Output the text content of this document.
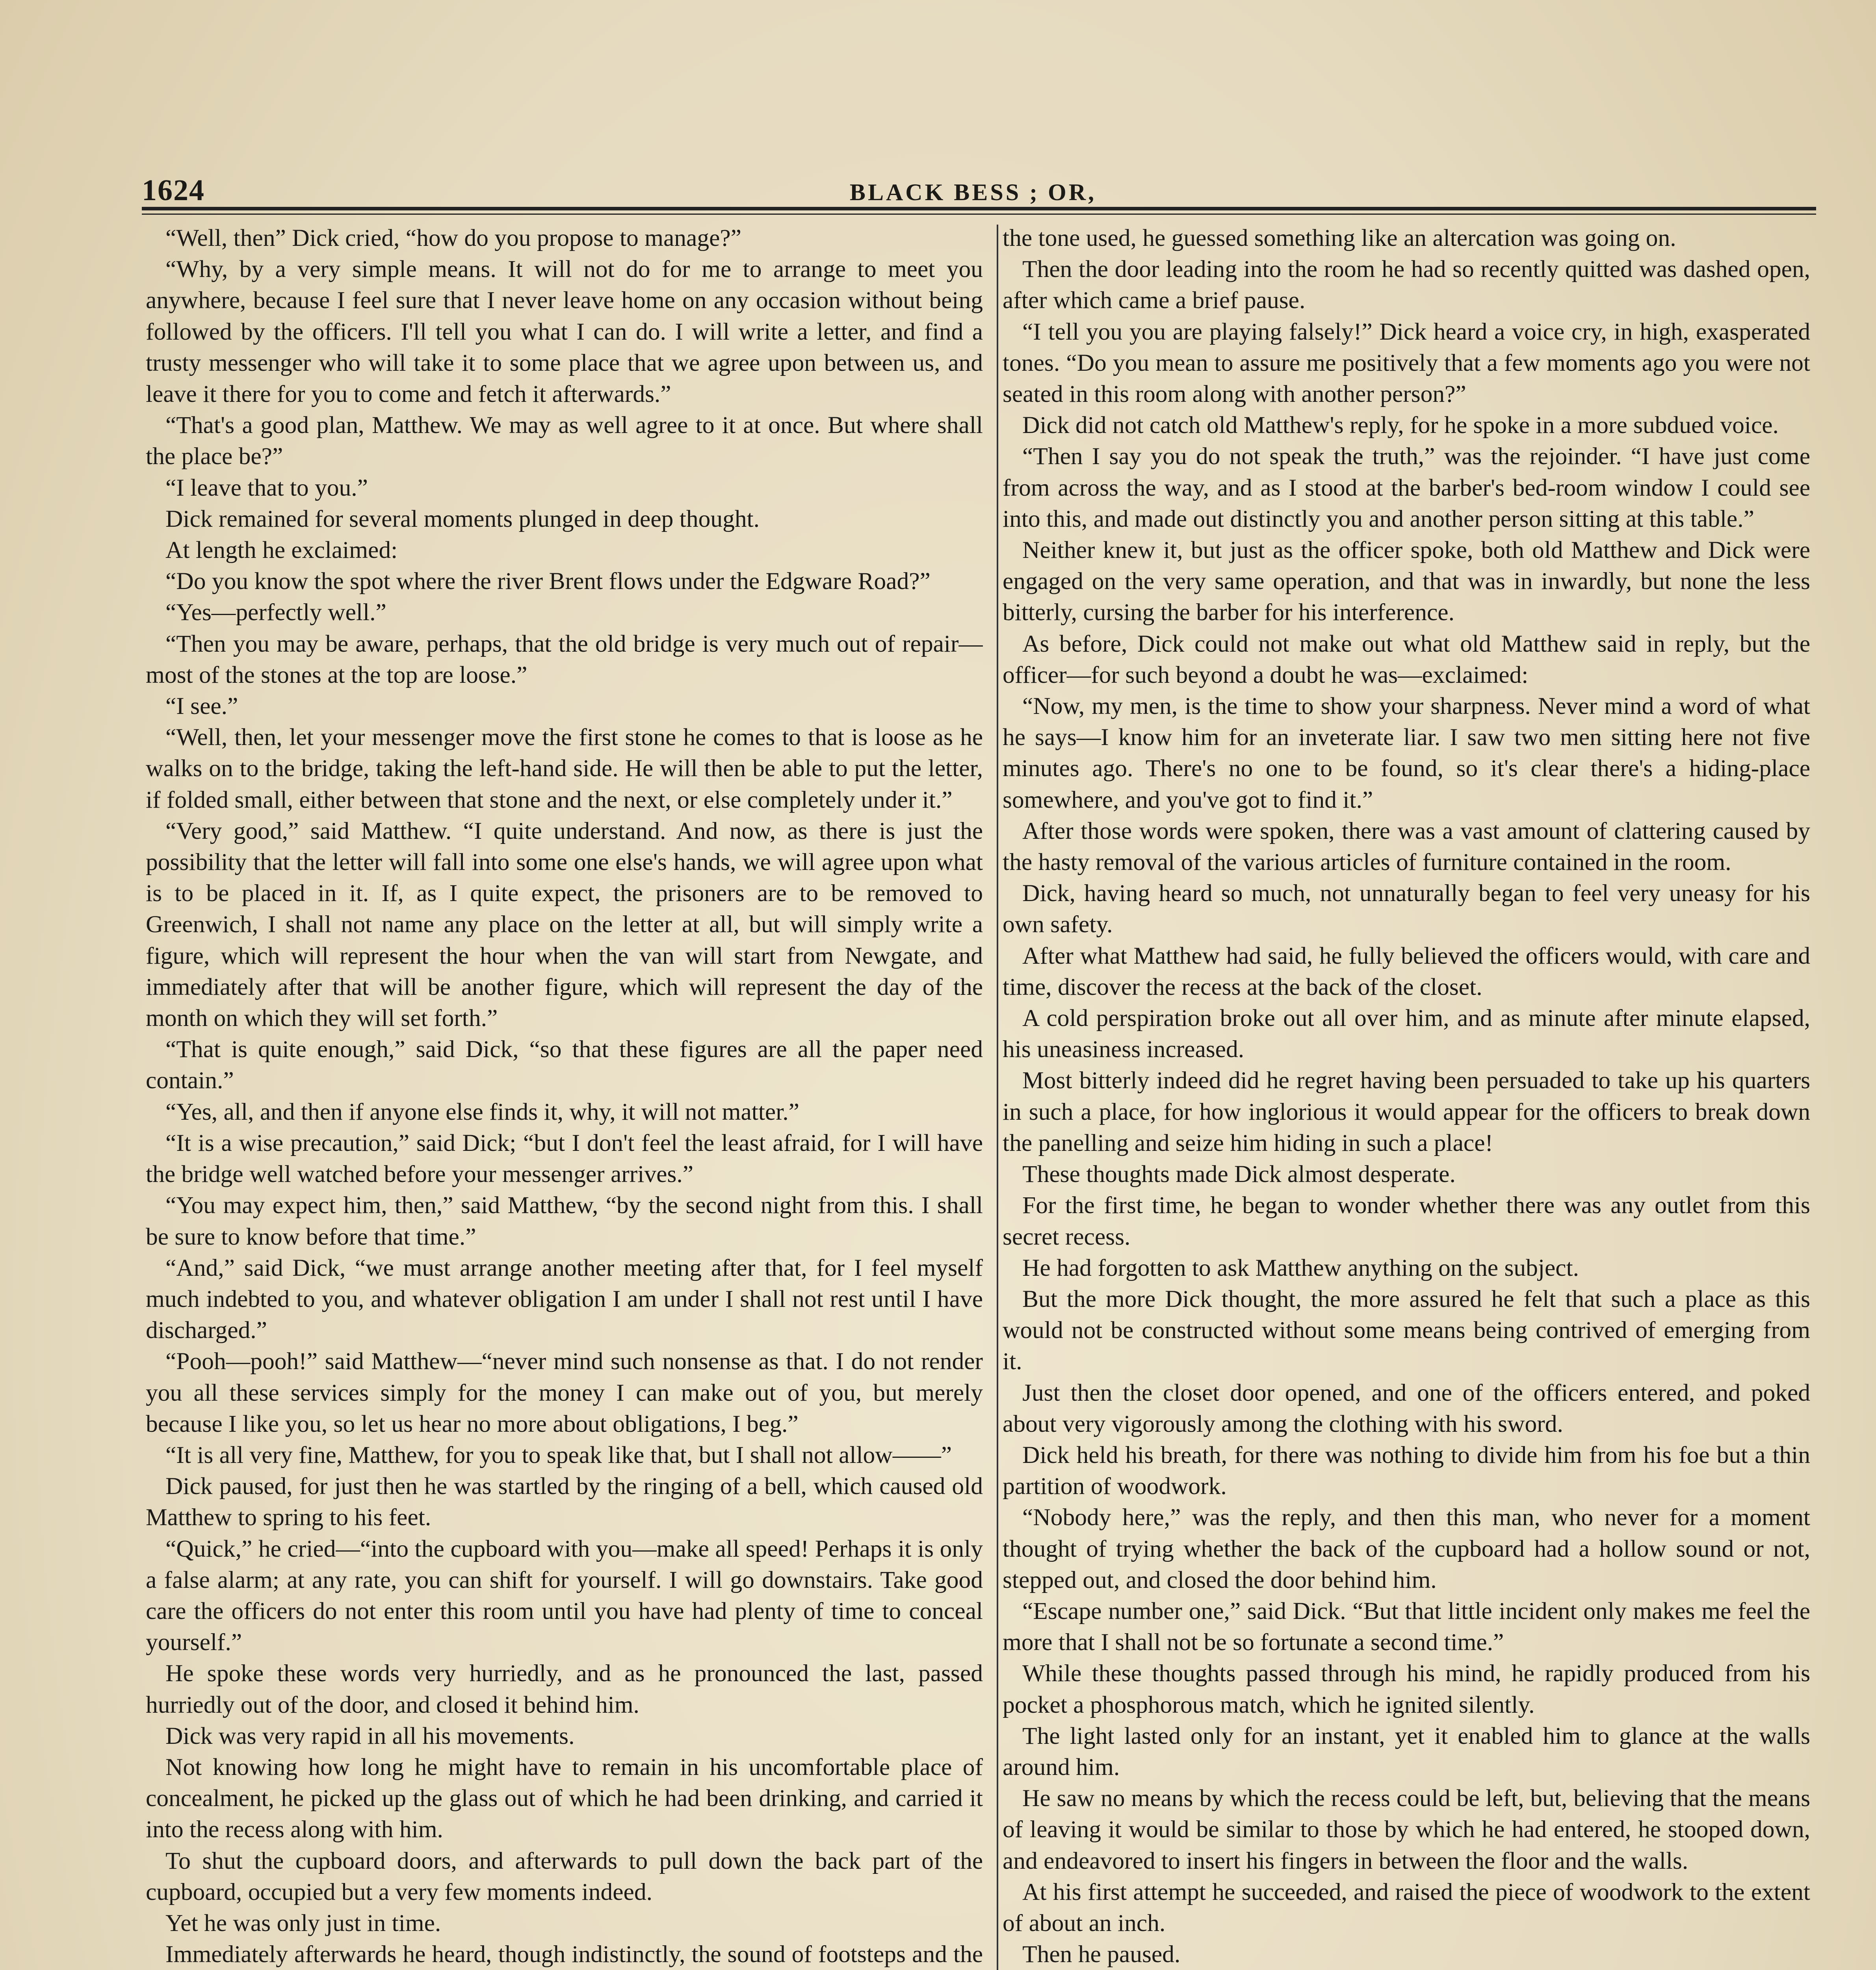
1624	BLACK BESS ; OR,

“Well, then” Dick cried, “how do you propose to manage?”

“Why, by a very simple means. It will not do for me to arrange to meet you anywhere, because I feel sure that I never leave home on any occasion without being followed by the officers. I'll tell you what I can do. I will write a letter, and find a trusty messenger who will take it to some place that we agree upon between us, and leave it there for you to come and fetch it afterwards.”

“That's a good plan, Matthew. We may as well agree to it at once. But where shall the place be?”

“I leave that to you.”

Dick remained for several moments plunged in deep thought.

At length he exclaimed:

“Do you know the spot where the river Brent flows under the Edgware Road?”

“Yes—perfectly well.”

“Then you may be aware, perhaps, that the old bridge is very much out of repair—most of the stones at the top are loose.”

“I see.”

“Well, then, let your messenger move the first stone he comes to that is loose as he walks on to the bridge, taking the left-hand side. He will then be able to put the letter, if folded small, either between that stone and the next, or else completely under it.”

“Very good,” said Matthew. “I quite understand. And now, as there is just the possibility that the letter will fall into some one else's hands, we will agree upon what is to be placed in it. If, as I quite expect, the prisoners are to be removed to Greenwich, I shall not name any place on the letter at all, but will simply write a figure, which will represent the hour when the van will start from Newgate, and immediately after that will be another figure, which will represent the day of the month on which they will set forth.”

“That is quite enough,” said Dick, “so that these figures are all the paper need contain.”

“Yes, all, and then if anyone else finds it, why, it will not matter.”

“It is a wise precaution,” said Dick; “but I don't feel the least afraid, for I will have the bridge well watched before your messenger arrives.”

“You may expect him, then,” said Matthew, “by the second night from this. I shall be sure to know before that time.”

“And,” said Dick, “we must arrange another meeting after that, for I feel myself much indebted to you, and whatever obligation I am under I shall not rest until I have discharged.”

“Pooh—pooh!” said Matthew—“never mind such nonsense as that. I do not render you all these services simply for the money I can make out of you, but merely because I like you, so let us hear no more about obligations, I beg.”

“It is all very fine, Matthew, for you to speak like that, but I shall not allow——”

Dick paused, for just then he was startled by the ringing of a bell, which caused old Matthew to spring to his feet.

“Quick,” he cried—“into the cupboard with you—make all speed! Perhaps it is only a false alarm; at any rate, you can shift for yourself. I will go downstairs. Take good care the officers do not enter this room until you have had plenty of time to conceal yourself.”

He spoke these words very hurriedly, and as he pronounced the last, passed hurriedly out of the door, and closed it behind him.

Dick was very rapid in all his movements.

Not knowing how long he might have to remain in his uncomfortable place of concealment, he picked up the glass out of which he had been drinking, and carried it into the recess along with him.

To shut the cupboard doors, and afterwards to pull down the back part of the cupboard, occupied but a very few moments indeed.

Yet he was only just in time.

Immediately afterwards he heard, though indistinctly, the sound of footsteps and the

the tone used, he guessed something like an altercation was going on.

Then the door leading into the room he had so recently quitted was dashed open, after which came a brief pause.

“I tell you you are playing falsely!” Dick heard a voice cry, in high, exasperated tones. “Do you mean to assure me positively that a few moments ago you were not seated in this room along with another person?”

Dick did not catch old Matthew's reply, for he spoke in a more subdued voice.

“Then I say you do not speak the truth,” was the rejoinder. “I have just come from across the way, and as I stood at the barber's bed-room window I could see into this, and made out distinctly you and another person sitting at this table.”

Neither knew it, but just as the officer spoke, both old Matthew and Dick were engaged on the very same operation, and that was in inwardly, but none the less bitterly, cursing the barber for his interference.

As before, Dick could not make out what old Matthew said in reply, but the officer—for such beyond a doubt he was—exclaimed:

“Now, my men, is the time to show your sharpness. Never mind a word of what he says—I know him for an inveterate liar. I saw two men sitting here not five minutes ago. There's no one to be found, so it's clear there's a hiding-place somewhere, and you've got to find it.”

After those words were spoken, there was a vast amount of clattering caused by the hasty removal of the various articles of furniture contained in the room.

Dick, having heard so much, not unnaturally began to feel very uneasy for his own safety.

After what Matthew had said, he fully believed the officers would, with care and time, discover the recess at the back of the closet.

A cold perspiration broke out all over him, and as minute after minute elapsed, his uneasiness increased.

Most bitterly indeed did he regret having been persuaded to take up his quarters in such a place, for how inglorious it would appear for the officers to break down the panelling and seize him hiding in such a place!

These thoughts made Dick almost desperate.

For the first time, he began to wonder whether there was any outlet from this secret recess.

He had forgotten to ask Matthew anything on the subject.

But the more Dick thought, the more assured he felt that such a place as this would not be constructed without some means being contrived of emerging from it.

Just then the closet door opened, and one of the officers entered, and poked about very vigorously among the clothing with his sword.

Dick held his breath, for there was nothing to divide him from his foe but a thin partition of woodwork.

“Nobody here,” was the reply, and then this man, who never for a moment thought of trying whether the back of the cupboard had a hollow sound or not, stepped out, and closed the door behind him.

“Escape number one,” said Dick. “But that little incident only makes me feel the more that I shall not be so fortunate a second time.”

While these thoughts passed through his mind, he rapidly produced from his pocket a phosphorous match, which he ignited silently.

The light lasted only for an instant, yet it enabled him to glance at the walls around him.

He saw no means by which the recess could be left, but, believing that the means of leaving it would be similar to those by which he had entered, he stooped down, and endeavored to insert his fingers in between the floor and the walls.

At his first attempt he succeeded, and raised the piece of woodwork to the extent of about an inch.

Then he paused.
